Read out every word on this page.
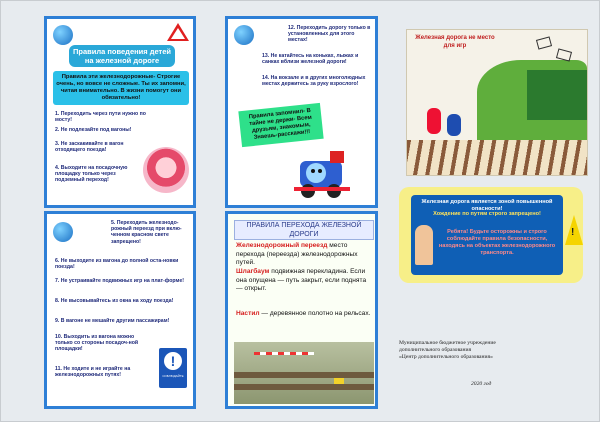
Правила поведения детей на железной дороге
Правила эти железнодорожные- Строгие очень, но вовсе не сложные. Ты их запомни, читая внимательно. В жизни помогут они обязательно!
1. Переходить через пути нужно по мосту!
2. Не подлезайте под вагоны!
3. Не заскакивайте в вагон отходящего поезда!
4. Выходите на посадочную площадку только через подземный переход!
12. Переходить дорогу только в установленных для этого местах!
13. Не катайтесь на коньках, лыжах и санках вблизи железной дороги!
14. На вокзале и в других многолюдных местах держитесь за руку взрослого!
Правила запомнил- В тайне не держи- Всем друзьям, знакомым, Знаешь-расскажи!!!
5. Переходить железнодо-рожный переезд при вклю-ченном красном свете запрещено!
6. Не выходите из вагона до полной оста-новки поезда!
7. Не устраивайте подвижных игр на плат-форме!
8. Не высовывайтесь из окна на ходу поезда!
9. В вагоне не мешайте другим пассажирам!
10. Выходить из вагона можно только со стороны посадоч-ной площадки!
11. Не ходите и не играйте на железнодорожных путях!
!
СОБЛЮДАЙТЕ
ПРАВИЛА ПЕРЕХОДА ЖЕЛЕЗНОЙ ДОРОГИ
Железнодорожный переезд место перехода (переезда) железнодорожных путей.
Шлагбаум подвижная перекладина. Если она опущена — путь закрыт, если поднята — открыт.
Настил — деревянное полотно на рельсах.
Железная дорога не место для игр
Железная дорога является зоной повышенной опасности!
Хождение по путям строго запрещено!
Ребята! Будьте осторожны и строго соблюдайте правила безопасности, находясь на объектах железнодорожного транспорта.
!
Муниципальное бюджетное учреждение
дополнительного образования
«Центр дополнительного образования»
2020 год
